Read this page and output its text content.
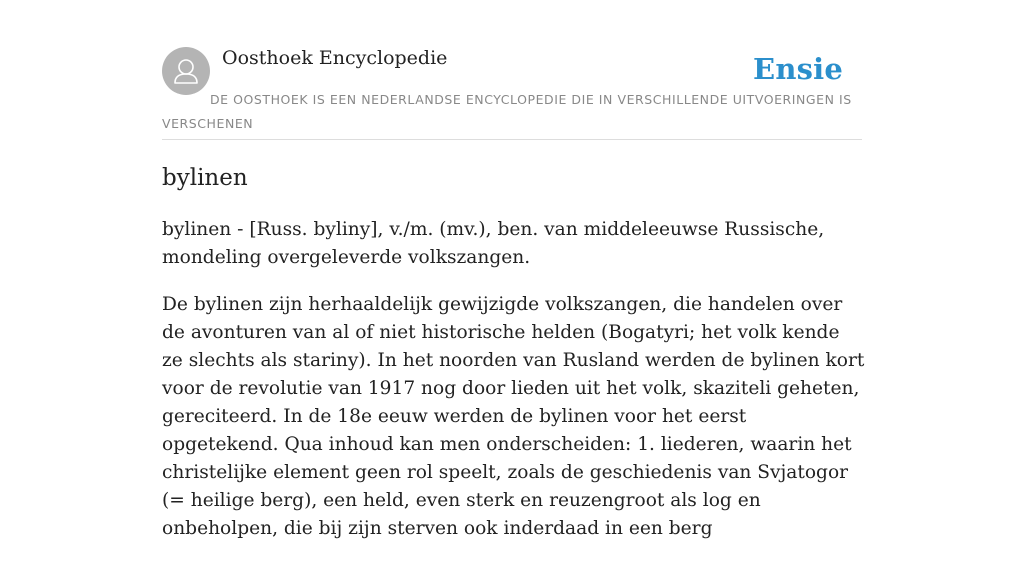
Oosthoek Encyclopedie	Ensie
DE OOSTHOEK IS EEN NEDERLANDSE ENCYCLOPEDIE DIE IN VERSCHILLENDE UITVOERINGEN IS VERSCHENEN
bylinen

bylinen - [Russ. byliny], v./m. (mv.), ben. van middeleeuwse Russische, mondeling overgeleverde volkszangen.

De bylinen zijn herhaaldelijk gewijzigde volkszangen, die handelen over de avonturen van al of niet historische helden (Bogatyri; het volk kende ze slechts als stariny). In het noorden van Rusland werden de bylinen kort voor de revolutie van 1917 nog door lieden uit het volk, skaziteli geheten, gereciteerd. In de 18e eeuw werden de bylinen voor het eerst opgetekend. Qua inhoud kan men onderscheiden: 1. liederen, waarin het christelijke element geen rol speelt, zoals de geschiedenis van Svjatogor (= heilige berg), een held, even sterk en reuzengroot als log en onbeholpen, die bij zijn sterven ook inderdaad in een berg
